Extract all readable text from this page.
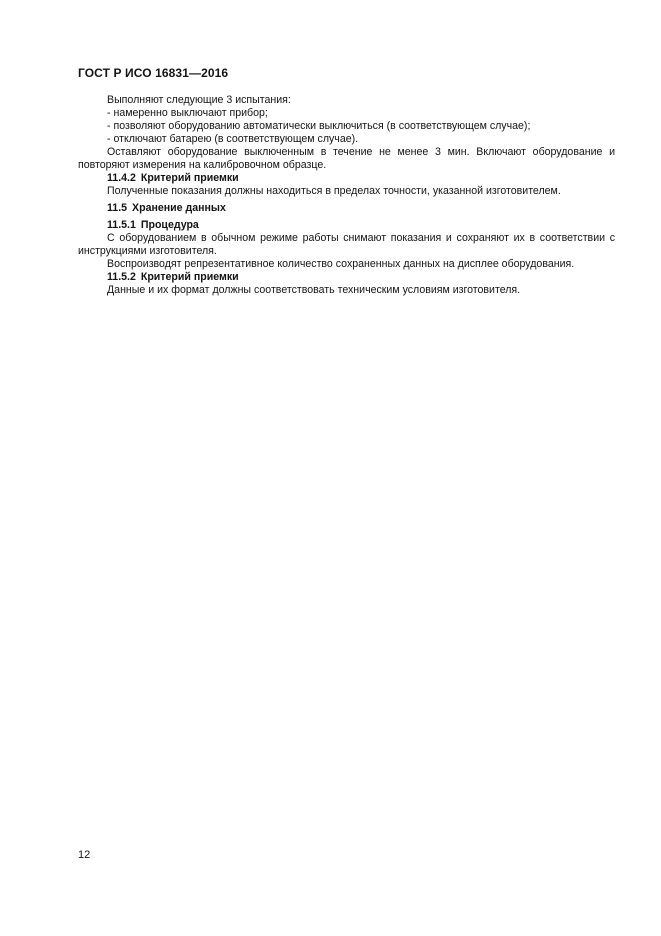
ГОСТ Р ИСО 16831—2016

Выполняют следующие 3 испытания:

- намеренно выключают прибор;

- позволяют оборудованию автоматически выключиться (в соответствующем случае);

- отключают батарею (в соответствующем случае).

Оставляют оборудование выключенным в течение не менее 3 мин. Включают оборудование и повторяют измерения на калибровочном образце.

11.4.2 Критерий приемки

Полученные показания должны находиться в пределах точности, указанной изготовителем.

11.5 Хранение данных

11.5.1 Процедура

С оборудованием в обычном режиме работы снимают показания и сохраняют их в соответствии с инструкциями изготовителя.

Воспроизводят репрезентативное количество сохраненных данных на дисплее оборудования.

11.5.2 Критерий приемки

Данные и их формат должны соответствовать техническим условиям изготовителя.

12
